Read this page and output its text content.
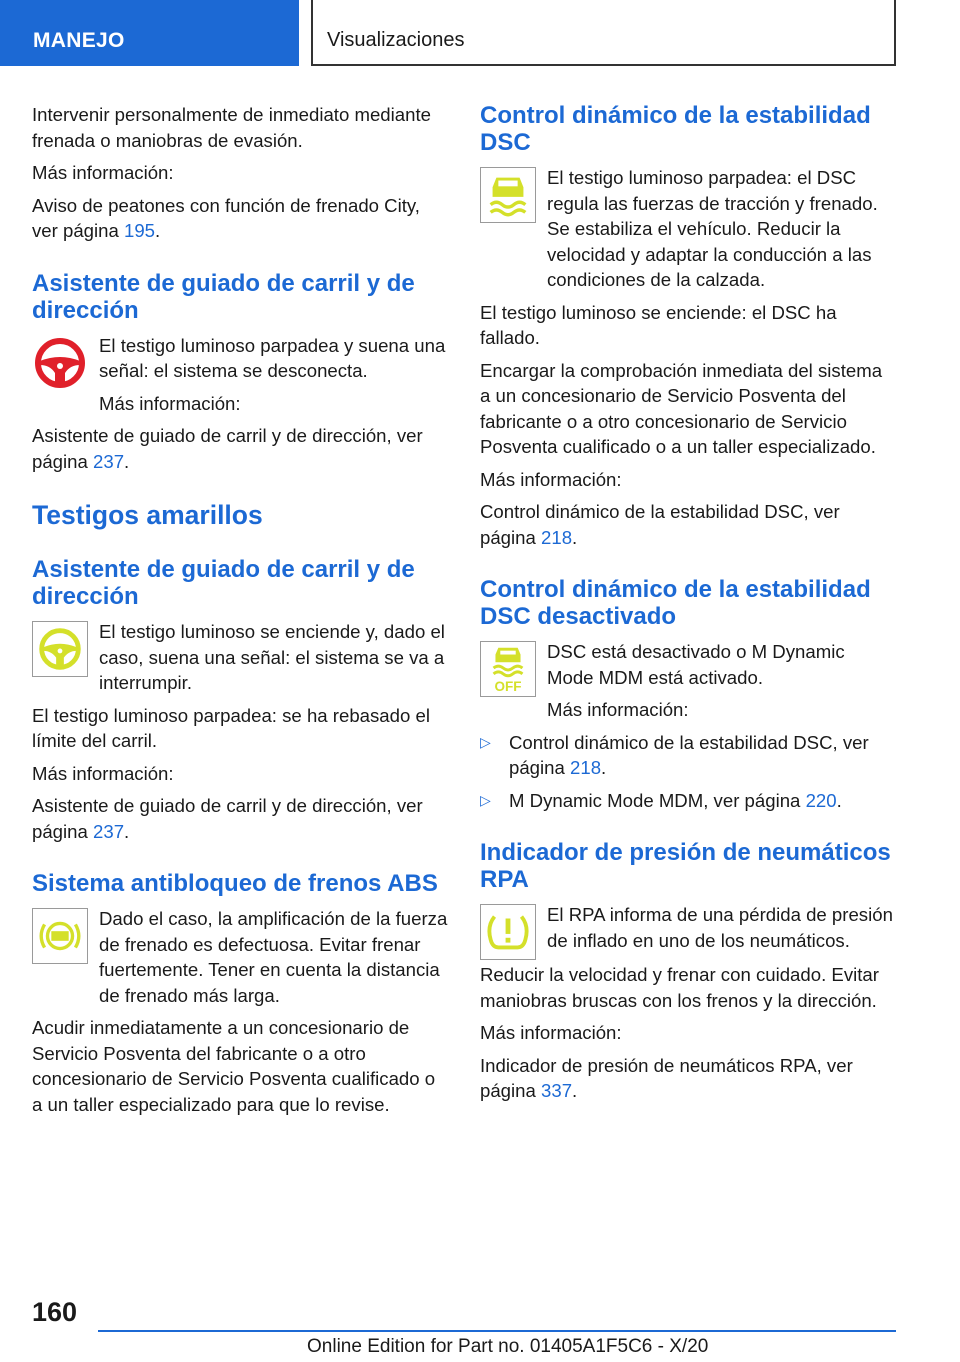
MANEJO	Visualizaciones

Intervenir personalmente de inmediato mediante frenada o maniobras de evasión.

Más información:

Aviso de peatones con función de frenado City, ver página 195.

Asistente de guiado de carril y de dirección

El testigo luminoso parpadea y suena una señal: el sistema se desconecta.

Más información:

Asistente de guiado de carril y de dirección, ver página 237.

Testigos amarillos
Asistente de guiado de carril y de dirección

El testigo luminoso se enciende y, dado el caso, suena una señal: el sistema se va a interrumpir.

El testigo luminoso parpadea: se ha rebasado el límite del carril.

Más información:

Asistente de guiado de carril y de dirección, ver página 237.

Sistema antibloqueo de frenos ABS

Dado el caso, la amplificación de la fuerza de frenado es defectuosa. Evitar frenar fuertemente. Tener en cuenta la distancia de frenado más larga.

Acudir inmediatamente a un concesionario de Servicio Posventa del fabricante o a otro concesionario de Servicio Posventa cualificado o a un taller especializado para que lo revise.

Control dinámico de la estabilidad DSC

El testigo luminoso parpadea: el DSC regula las fuerzas de tracción y frenado. Se estabiliza el vehículo. Reducir la velocidad y adaptar la conducción a las condiciones de la calzada.

El testigo luminoso se enciende: el DSC ha fallado.

Encargar la comprobación inmediata del sistema a un concesionario de Servicio Posventa del fabricante o a otro concesionario de Servicio Posventa cualificado o a un taller especializado.

Más información:

Control dinámico de la estabilidad DSC, ver página 218.

Control dinámico de la estabilidad DSC desactivado
OFF

DSC está desactivado o M Dynamic Mode MDM está activado.

Más información:

▷ Control dinámico de la estabilidad DSC, ver página 218.
▷ M Dynamic Mode MDM, ver página 220.
Indicador de presión de neumáticos RPA

El RPA informa de una pérdida de presión de inflado en uno de los neumáticos.

Reducir la velocidad y frenar con cuidado. Evitar maniobras bruscas con los frenos y la dirección.

Más información:

Indicador de presión de neumáticos RPA, ver página 337.

160
Online Edition for Part no. 01405A1F5C6 - X/20
